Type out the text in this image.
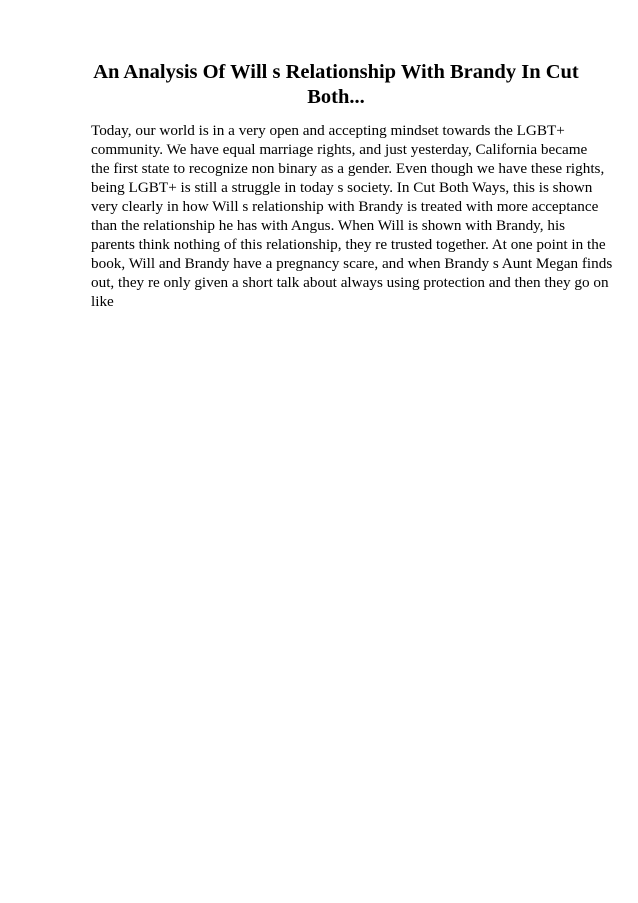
An Analysis Of Will s Relationship With Brandy In Cut Both...
Today, our world is in a very open and accepting mindset towards the LGBT+
community. We have equal marriage rights, and just yesterday, California became
the first state to recognize non binary as a gender. Even though we have these rights,
being LGBT+ is still a struggle in today s society. In Cut Both Ways, this is shown
very clearly in how Will s relationship with Brandy is treated with more acceptance
than the relationship he has with Angus. When Will is shown with Brandy, his
parents think nothing of this relationship, they re trusted together. At one point in the
book, Will and Brandy have a pregnancy scare, and when Brandy s Aunt Megan finds
out, they re only given a short talk about always using protection and then they go on
like
